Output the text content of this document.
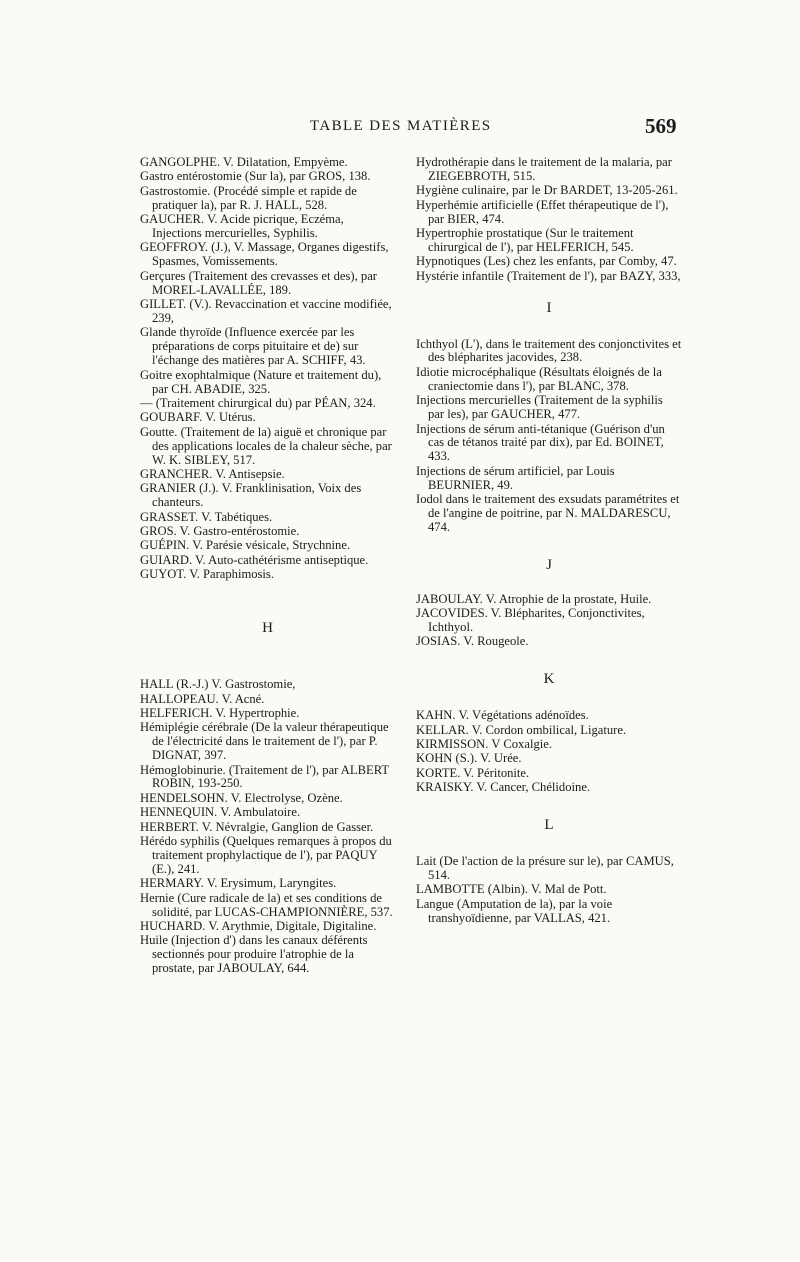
TABLE DES MATIÈRES	569

GANGOLPHE. V. Dilatation, Empyème.

Gastro entérostomie (Sur la), par GROS, 138.

Gastrostomie. (Procédé simple et rapide de pratiquer la), par R. J. HALL, 528.

GAUCHER. V. Acide picrique, Eczéma, Injections mercurielles, Syphilis.

GEOFFROY. (J.), V. Massage, Organes digestifs, Spasmes, Vomissements.

Gerçures (Traitement des crevasses et des), par MOREL-LAVALLÉE, 189.

GILLET. (V.). Revaccination et vaccine modifiée, 239,

Glande thyroïde (Influence exercée par les préparations de corps pituitaire et de) sur l'échange des matières par A. SCHIFF, 43.

Goitre exophtalmique (Nature et traitement du), par CH. ABADIE, 325.

— (Traitement chirurgical du) par PÉAN, 324.

GOUBARF. V. Utérus.

Goutte. (Traitement de la) aiguë et chronique par des applications locales de la chaleur sèche, par W. K. SIBLEY, 517.

GRANCHER. V. Antisepsie.

GRANIER (J.). V. Franklinisation, Voix des chanteurs.

GRASSET. V. Tabétiques.

GROS. V. Gastro-entérostomie.

GUÉPIN. V. Parésie vésicale, Strychnine.

GUIARD. V. Auto-cathétérisme antiseptique.

GUYOT. V. Paraphimosis.

H

HALL (R.-J.) V. Gastrostomie,

HALLOPEAU. V. Acné.

HELFERICH. V. Hypertrophie.

Hémiplégie cérébrale (De la valeur thérapeutique de l'électricité dans le traitement de l'), par P. DIGNAT, 397.

Hémoglobinurie. (Traitement de l'), par ALBERT ROBIN, 193-250.

HENDELSOHN. V. Electrolyse, Ozène.

HENNEQUIN. V. Ambulatoire.

HERBERT. V. Névralgie, Ganglion de Gasser.

Hérédo syphilis (Quelques remarques à propos du traitement prophylactique de l'), par PAQUY (E.), 241.

HERMARY. V. Erysimum, Laryngites.

Hernie (Cure radicale de la) et ses conditions de solidité, par LUCAS-CHAMPIONNIÈRE, 537.

HUCHARD. V. Arythmie, Digitale, Digitaline.

Huile (Injection d') dans les canaux déférents sectionnés pour produire l'atrophie de la prostate, par JABOULAY, 644.

Hydrothérapie dans le traitement de la malaria, par ZIEGEBROTH, 515.

Hygiène culinaire, par le Dr BARDET, 13-205-261.

Hyperhémie artificielle (Effet thérapeutique de l'), par BIER, 474.

Hypertrophie prostatique (Sur le traitement chirurgical de l'), par HELFERICH, 545.

Hypnotiques (Les) chez les enfants, par Comby, 47.

Hystérie infantile (Traitement de l'), par BAZY, 333,

I

Ichthyol (L'), dans le traitement des conjonctivites et des blépharites jacovides, 238.

Idiotie microcéphalique (Résultats éloignés de la craniectomie dans l'), par BLANC, 378.

Injections mercurielles (Traitement de la syphilis par les), par GAUCHER, 477.

Injections de sérum anti-tétanique (Guérison d'un cas de tétanos traité par dix), par Ed. BOINET, 433.

Injections de sérum artificiel, par Louis BEURNIER, 49.

Iodol dans le traitement des exsudats paramétrites et de l'angine de poitrine, par N. MALDARESCU, 474.

J

JABOULAY. V. Atrophie de la prostate, Huile.

JACOVIDES. V. Blépharites, Conjonctivites, Ichthyol.

JOSIAS. V. Rougeole.

K

KAHN. V. Végétations adénoïdes.

KELLAR. V. Cordon ombilical, Ligature.

KIRMISSON. V Coxalgie.

KOHN (S.). V. Urée.

KORTE. V. Péritonite.

KRAISKY. V. Cancer, Chélidoine.

L

Lait (De l'action de la présure sur le), par CAMUS, 514.

LAMBOTTE (Albin). V. Mal de Pott.

Langue (Amputation de la), par la voie transhyoïdienne, par VALLAS, 421.
